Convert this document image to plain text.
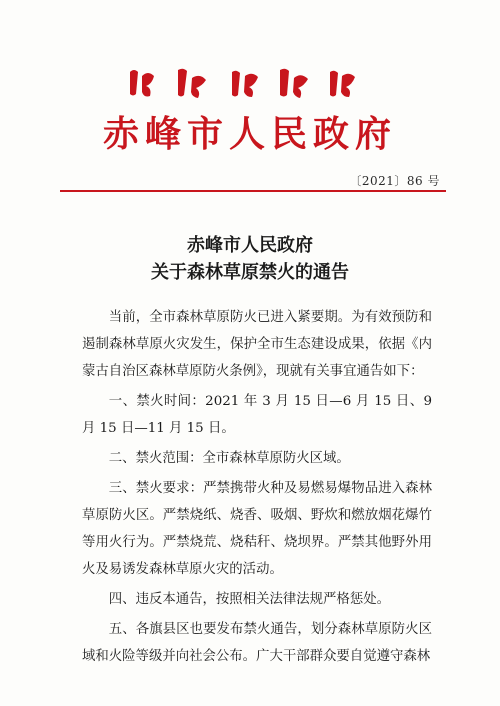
赤峰市人民政府
〔2021〕86 号
赤峰市人民政府
关于森林草原禁火的通告

当前，全市森林草原防火已进入紧要期。为有效预防和遏制森林草原火灾发生，保护全市生态建设成果，依据《内蒙古自治区森林草原防火条例》，现就有关事宜通告如下：

一、禁火时间：2021 年 3 月 15 日—6 月 15 日、9 月 15 日—11 月 15 日。

二、禁火范围：全市森林草原防火区域。

三、禁火要求：严禁携带火种及易燃易爆物品进入森林草原防火区。严禁烧纸、烧香、吸烟、野炊和燃放烟花爆竹等用火行为。严禁烧荒、烧秸秆、烧坝界。严禁其他野外用火及易诱发森林草原火灾的活动。

四、违反本通告，按照相关法律法规严格惩处。

五、各旗县区也要发布禁火通告，划分森林草原防火区域和火险等级并向社会公布。广大干部群众要自觉遵守森林
